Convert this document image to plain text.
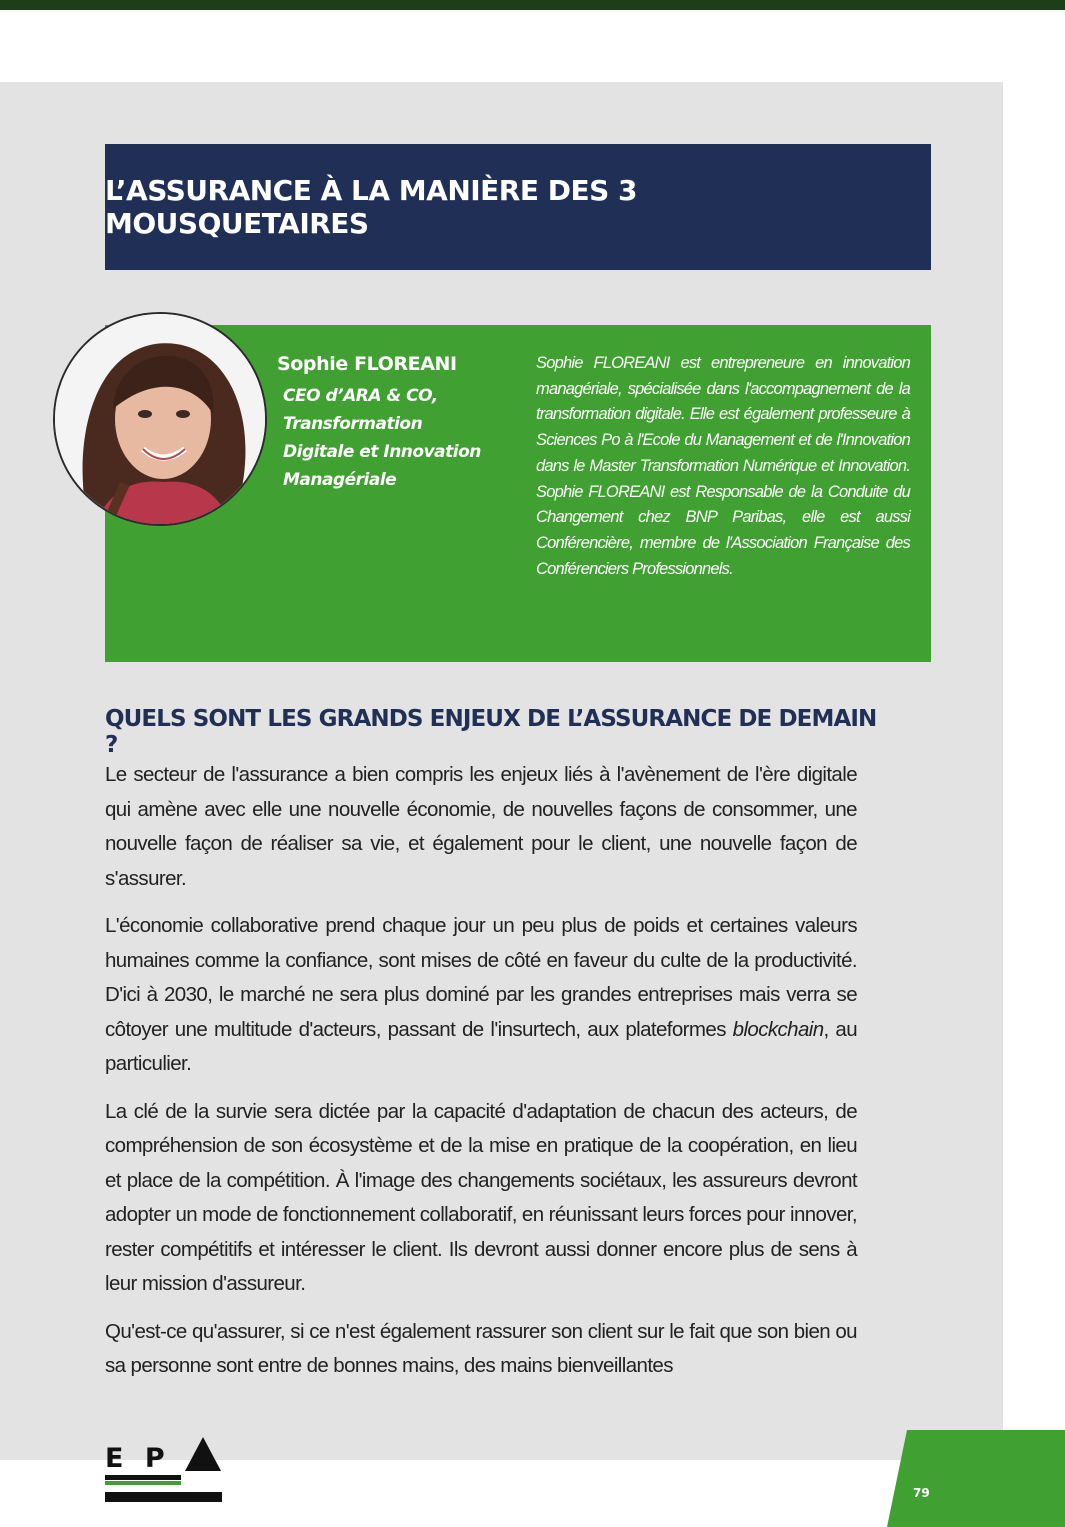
L’ASSURANCE À LA MANIÈRE DES 3 MOUSQUETAIRES
Sophie FLOREANI
CEO d’ARA & CO, Transformation Digitale et Innovation Managériale
Sophie FLOREANI est entrepreneure en innovation managériale, spécialisée dans l'accompagnement de la transformation digitale. Elle est également professeure à Sciences Po à l'Ecole du Management et de l'Innovation dans le Master Transformation Numérique et Innovation. Sophie FLOREANI est Responsable de la Conduite du Changement chez BNP Paribas, elle est aussi Conférencière, membre de l'Association Française des Conférenciers Professionnels.
QUELS SONT LES GRANDS ENJEUX DE L’ASSURANCE DE DEMAIN ?

Le secteur de l'assurance a bien compris les enjeux liés à l'avènement de l'ère digitale qui amène avec elle une nouvelle économie, de nouvelles façons de consommer, une nouvelle façon de réaliser sa vie, et également pour le client, une nouvelle façon de s'assurer.

L'économie collaborative prend chaque jour un peu plus de poids et certaines valeurs humaines comme la confiance, sont mises de côté en faveur du culte de la productivité. D'ici à 2030, le marché ne sera plus dominé par les grandes entreprises mais verra se côtoyer une multitude d'acteurs, passant de l'insurtech, aux plateformes blockchain, au particulier.

La clé de la survie sera dictée par la capacité d'adaptation de chacun des acteurs, de compréhension de son écosystème et de la mise en pratique de la coopération, en lieu et place de la compétition. À l'image des changements sociétaux, les assureurs devront adopter un mode de fonctionnement collaboratif, en réunissant leurs forces pour innover, rester compétitifs et intéresser le client. Ils devront aussi donner encore plus de sens à leur mission d'assureur.

Qu'est-ce qu'assurer, si ce n'est également rassurer son client sur le fait que son bien ou sa personne sont entre de bonnes mains, des mains bienveillantes

E P
79
